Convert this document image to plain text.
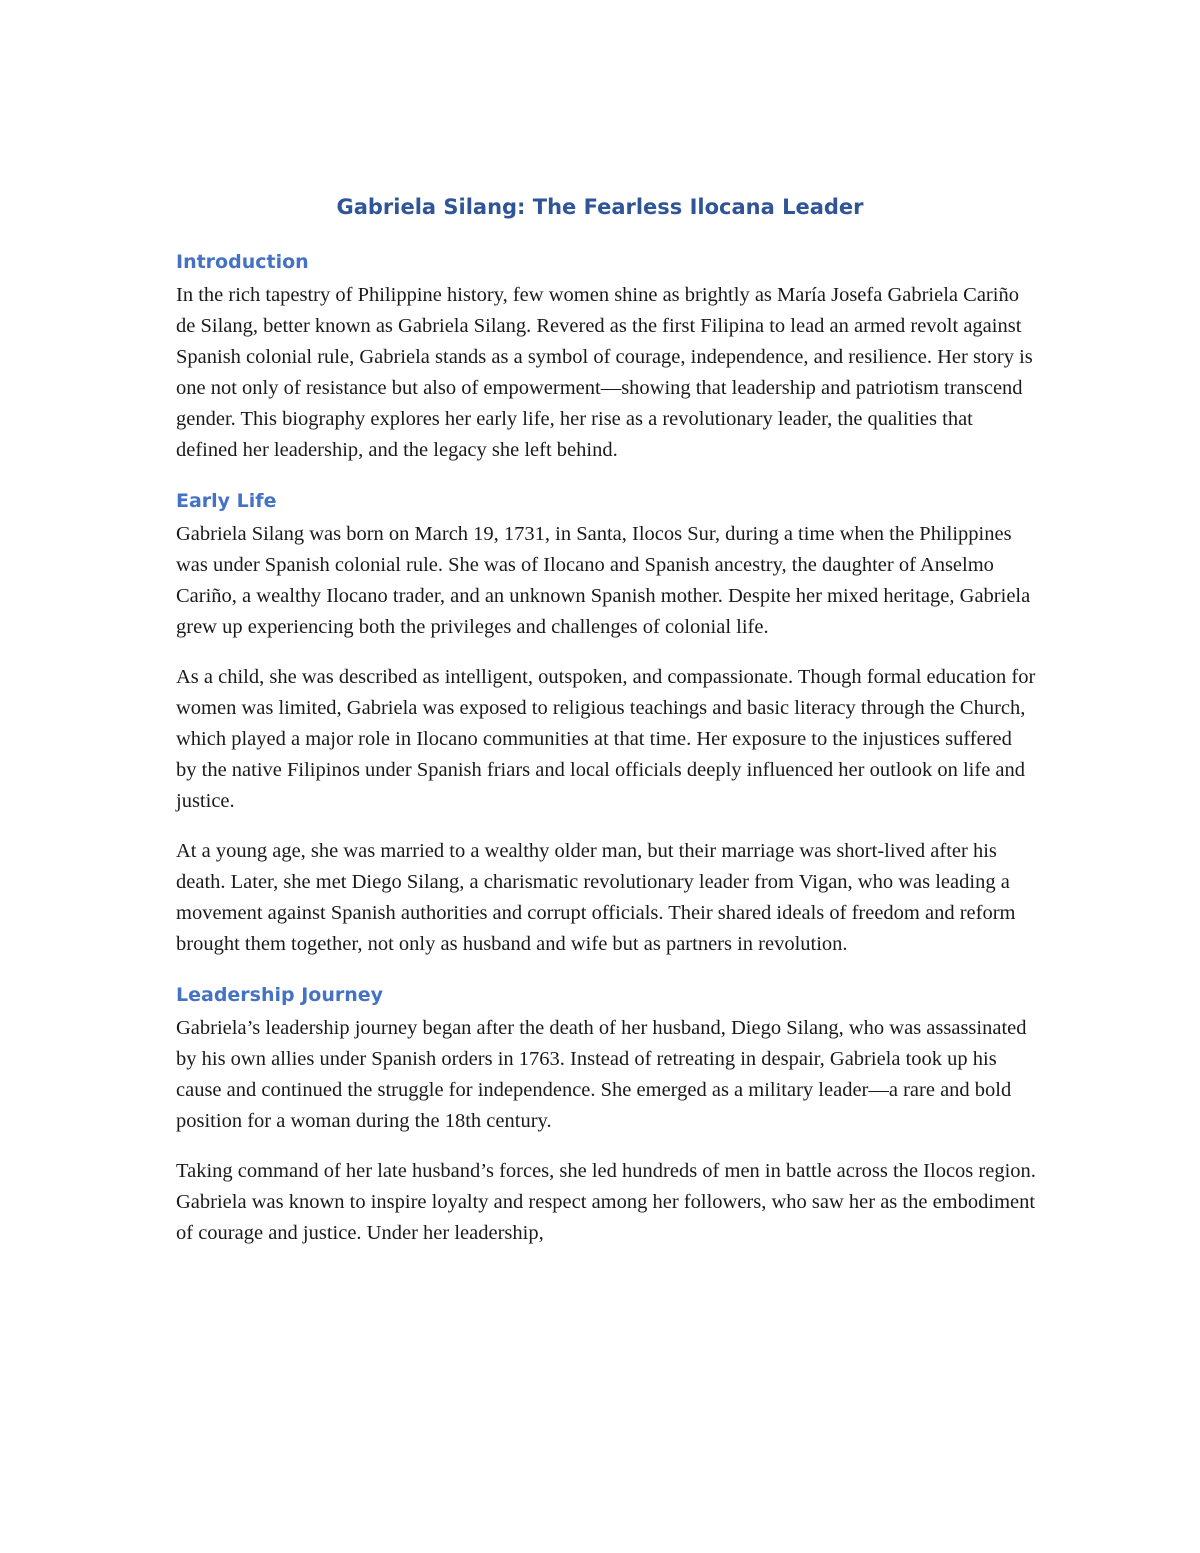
Gabriela Silang: The Fearless Ilocana Leader
Introduction

In the rich tapestry of Philippine history, few women shine as brightly as María Josefa Gabriela Cariño de Silang, better known as Gabriela Silang. Revered as the first Filipina to lead an armed revolt against Spanish colonial rule, Gabriela stands as a symbol of courage, independence, and resilience. Her story is one not only of resistance but also of empowerment—showing that leadership and patriotism transcend gender. This biography explores her early life, her rise as a revolutionary leader, the qualities that defined her leadership, and the legacy she left behind.

Early Life

Gabriela Silang was born on March 19, 1731, in Santa, Ilocos Sur, during a time when the Philippines was under Spanish colonial rule. She was of Ilocano and Spanish ancestry, the daughter of Anselmo Cariño, a wealthy Ilocano trader, and an unknown Spanish mother. Despite her mixed heritage, Gabriela grew up experiencing both the privileges and challenges of colonial life.

As a child, she was described as intelligent, outspoken, and compassionate. Though formal education for women was limited, Gabriela was exposed to religious teachings and basic literacy through the Church, which played a major role in Ilocano communities at that time. Her exposure to the injustices suffered by the native Filipinos under Spanish friars and local officials deeply influenced her outlook on life and justice.

At a young age, she was married to a wealthy older man, but their marriage was short-lived after his death. Later, she met Diego Silang, a charismatic revolutionary leader from Vigan, who was leading a movement against Spanish authorities and corrupt officials. Their shared ideals of freedom and reform brought them together, not only as husband and wife but as partners in revolution.

Leadership Journey

Gabriela’s leadership journey began after the death of her husband, Diego Silang, who was assassinated by his own allies under Spanish orders in 1763. Instead of retreating in despair, Gabriela took up his cause and continued the struggle for independence. She emerged as a military leader—a rare and bold position for a woman during the 18th century.

Taking command of her late husband’s forces, she led hundreds of men in battle across the Ilocos region. Gabriela was known to inspire loyalty and respect among her followers, who saw her as the embodiment of courage and justice. Under her leadership,
